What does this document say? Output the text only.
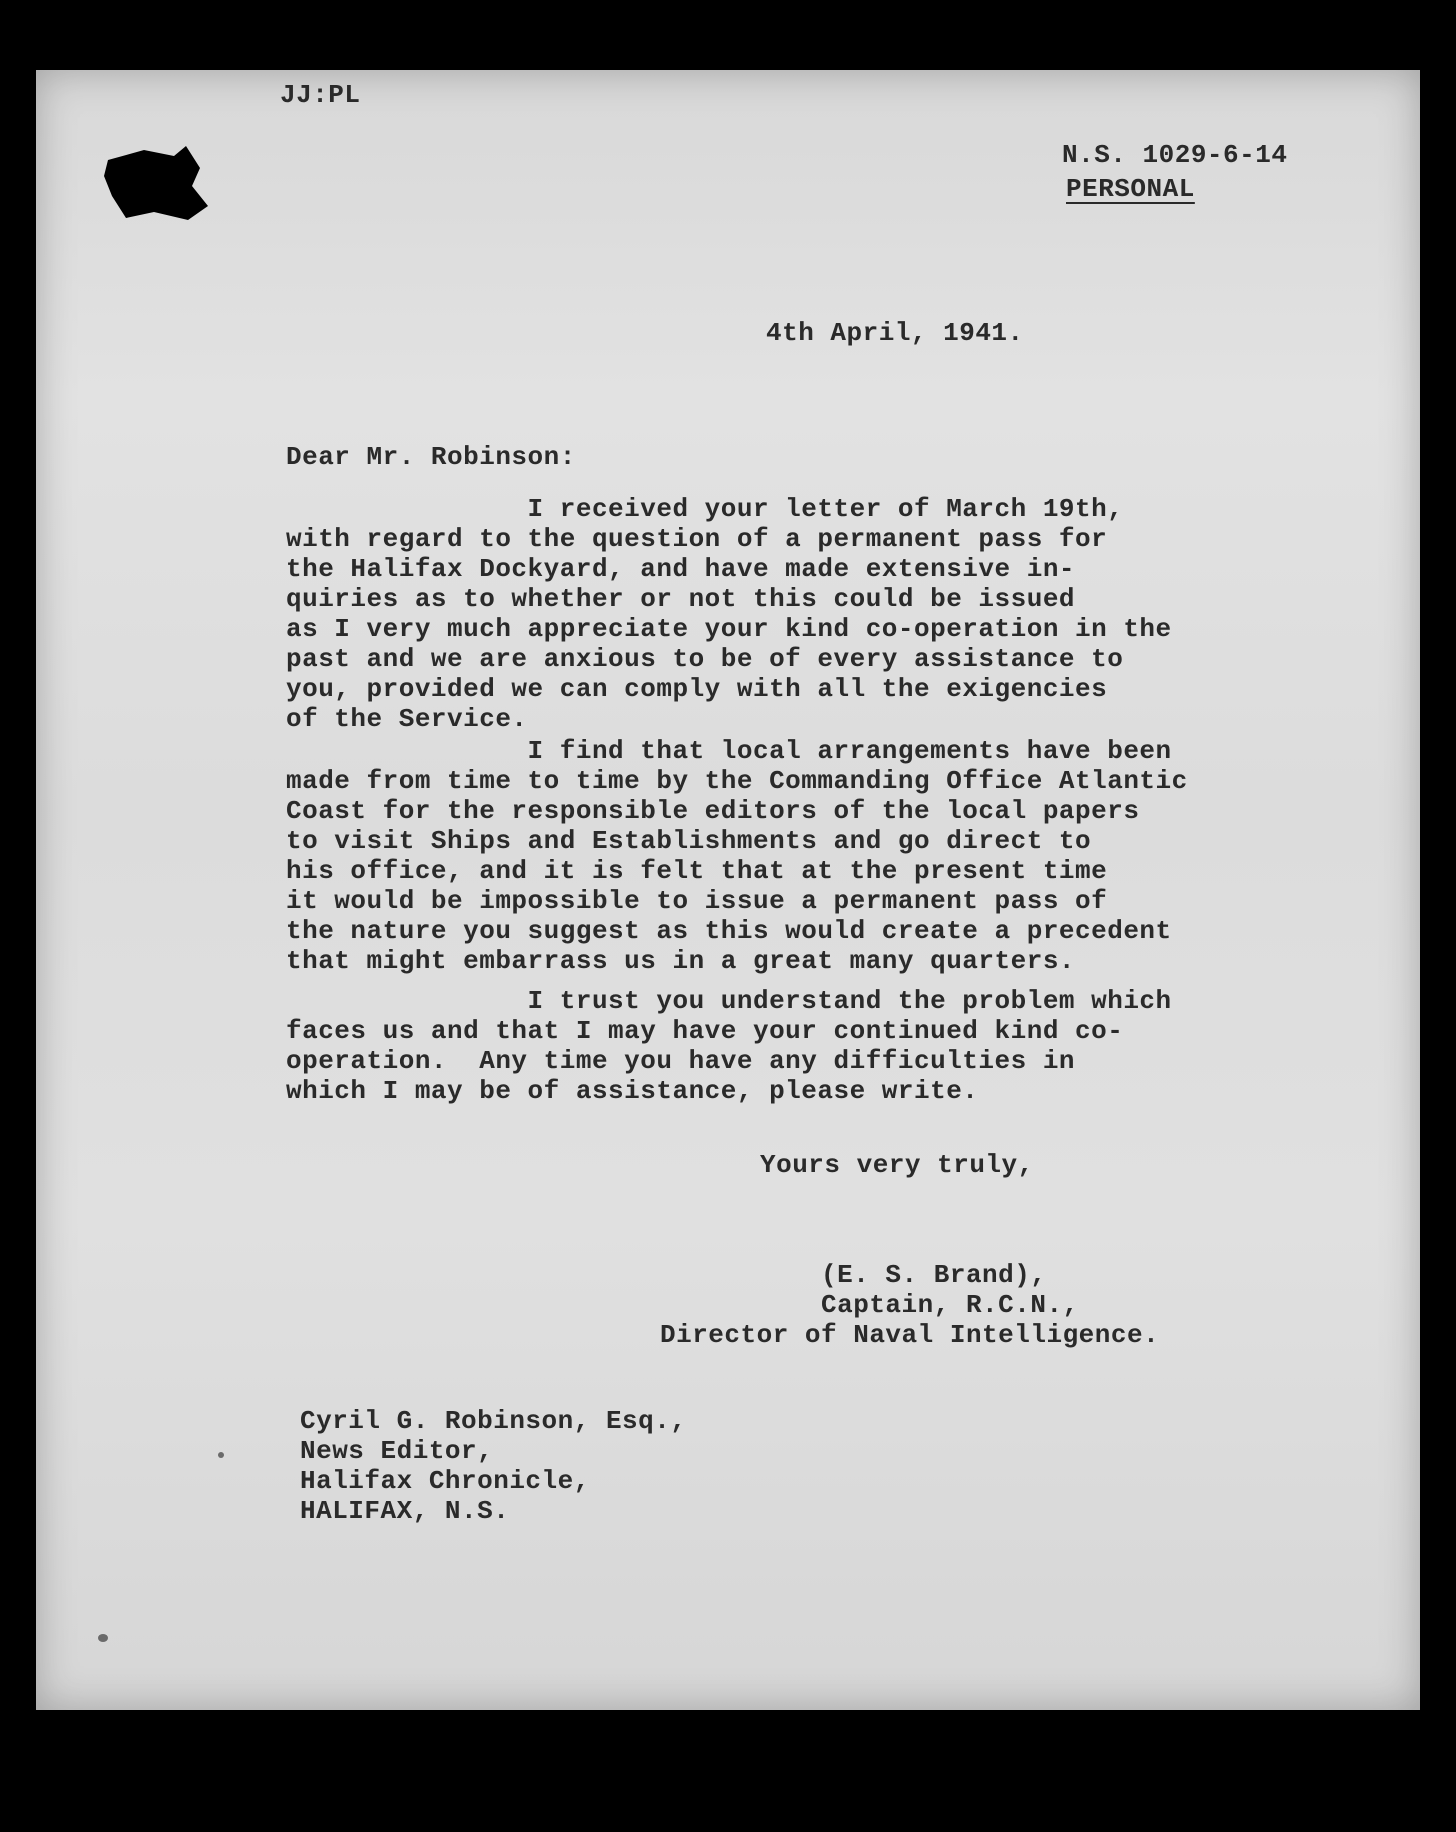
JJ:PL
N.S. 1029-6-14
PERSONAL
4th April, 1941.
Dear Mr. Robinson:
I received your letter of March 19th,
with regard to the question of a permanent pass for
the Halifax Dockyard, and have made extensive in-
quiries as to whether or not this could be issued
as I very much appreciate your kind co-operation in the
past and we are anxious to be of every assistance to
you, provided we can comply with all the exigencies
of the Service.
I find that local arrangements have been
made from time to time by the Commanding Office Atlantic
Coast for the responsible editors of the local papers
to visit Ships and Establishments and go direct to
his office, and it is felt that at the present time
it would be impossible to issue a permanent pass of
the nature you suggest as this would create a precedent
that might embarrass us in a great many quarters.
I trust you understand the problem which
faces us and that I may have your continued kind co-
operation.  Any time you have any difficulties in
which I may be of assistance, please write.
Yours very truly,
(E. S. Brand),
Captain, R.C.N.,
Director of Naval Intelligence.
Cyril G. Robinson, Esq.,
News Editor,
Halifax Chronicle,
HALIFAX, N.S.
